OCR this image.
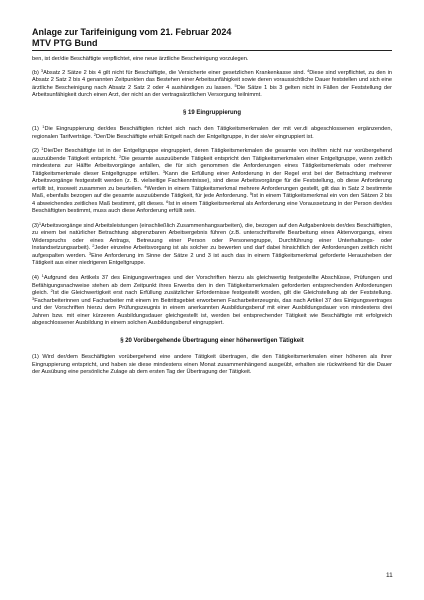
Anlage zur Tarifeinigung vom 21. Februar 2024
MTV PTG Bund

ben, ist der/die Beschäftigte verpflichtet, eine neue ärztliche Bescheinigung vorzulegen.

(b) $^3$Absatz 2 Sätze 2 bis 4 gilt nicht für Beschäftigte, die Versicherte einer gesetzlichen Krankenkasse sind. $^4$Diese sind verpflichtet, zu den in Absatz 2 Satz 2 bis 4 genannten Zeitpunkten das Bestehen einer Arbeitsunfähigkeit sowie deren voraussichtliche Dauer feststellen und sich eine ärztliche Bescheinigung nach Absatz 2 Satz 2 oder 4 aushändigen zu lassen. $^5$Die Sätze 1 bis 3 gelten nicht in Fällen der Feststellung der Arbeitsunfähigkeit durch einen Arzt, der nicht an der vertragsärztlichen Versorgung teilnimmt.

§ 19 Eingruppierung

(1) $^1$Die Eingruppierung der/des Beschäftigten richtet sich nach den Tätigkeitsmerkmalen der mit ver.di abgeschlossenen ergänzenden, regionalen Tarifverträge. $^2$Der/Die Beschäftigte erhält Entgelt nach der Entgeltgruppe, in der sie/er eingruppiert ist.

(2) $^1$Die/Der Beschäftigte ist in der Entgeltgruppe eingruppiert, deren Tätigkeitsmerkmalen die gesamte von ihr/ihm nicht nur vorübergehend auszuübende Tätigkeit entspricht. $^2$Die gesamte auszuübende Tätigkeit entspricht den Tätigkeitsmerkmalen einer Entgeltgruppe, wenn zeitlich mindestens zur Hälfte Arbeitsvorgänge anfallen, die für sich genommen die Anforderungen eines Tätigkeitsmerkmals oder mehrerer Tätigkeitsmerkmale dieser Entgeltgruppe erfüllen. $^3$Kann die Erfüllung einer Anforderung in der Regel erst bei der Betrachtung mehrerer Arbeitsvorgänge festgestellt werden (z. B. vielseitige Fachkenntnisse), sind diese Arbeitsvorgänge für die Feststellung, ob diese Anforderung erfüllt ist, insoweit zusammen zu beurteilen. $^4$Werden in einem Tätigkeitsmerkmal mehrere Anforderungen gestellt, gilt das in Satz 2 bestimmte Maß, ebenfalls bezogen auf die gesamte auszuübende Tätigkeit, für jede Anforderung. $^5$Ist in einem Tätigkeitsmerkmal ein von den Sätzen 2 bis 4 abweichendes zeitliches Maß bestimmt, gilt dieses. $^6$Ist in einem Tätigkeitsmerkmal als Anforderung eine Voraussetzung in der Person der/des Beschäftigten bestimmt, muss auch diese Anforderung erfüllt sein.

$(3)^1Arbeitsvorgänge$ sind Arbeitsleistungen (einschließlich Zusammenhangsarbeiten), die, bezogen auf den Aufgabenkreis der/des Beschäftigten, zu einem bei natürlicher Betrachtung abgrenzbaren Arbeitsergebnis führen (z.B. unterschriftsreife Bearbeitung eines Aktenvorgangs, eines Widerspruchs oder eines Antrags, Betreuung einer Person oder Personengruppe, Durchführung einer Unterhaltungs- oder Instandsetzungsarbeit). $^2$Jeder einzelne Arbeitsvorgang ist als solcher zu bewerten und darf dabei hinsichtlich der Anforderungen zeitlich nicht aufgespalten werden. $^3$Eine Anforderung im Sinne der Sätze 2 und 3 ist auch das in einem Tätigkeitsmerkmal geforderte Herausheben der Tätigkeit aus einer niedrigeren Entgeltgruppe.

(4) $^1$Aufgrund des Artikels 37 des Einigungsvertrages und der Vorschriften hierzu als gleichwertig festgestellte Abschlüsse, Prüfungen und Befähigungsnachweise stehen ab dem Zeitpunkt ihres Erwerbs den in den Tätigkeitsmerkmalen geforderten entsprechenden Anforderungen gleich. $^2$Ist die Gleichwertigkeit erst nach Erfüllung zusätzlicher Erfordernisse festgestellt worden, gilt die Gleichstellung ab der Feststellung. $^3$Facharbeiterinnen und Facharbeiter mit einem im Beitrittsgebiet erworbenen Facharbeiterzeugnis, das nach Artikel 37 des Einigungsvertrages und der Vorschriften hierzu dem Prüfungszeugnis in einem anerkannten Ausbildungsberuf mit einer Ausbildungsdauer von mindestens drei Jahren bzw. mit einer kürzeren Ausbildungsdauer gleichgestellt ist, werden bei entsprechender Tätigkeit wie Beschäftigte mit erfolgreich abgeschlossener Ausbildung in einem solchen Ausbildungsberuf eingruppiert.

§ 20 Vorübergehende Übertragung einer höherwertigen Tätigkeit

(1) Wird der/dem Beschäftigten vorübergehend eine andere Tätigkeit übertragen, die den Tätigkeitsmerkmalen einer höheren als ihrer Eingruppierung entspricht, und haben sie diese mindestens einen Monat zusammenhängend ausgeübt, erhalten sie rückwirkend für die Dauer der Ausübung eine persönliche Zulage ab dem ersten Tag der Übertragung der Tätigkeit.

11
